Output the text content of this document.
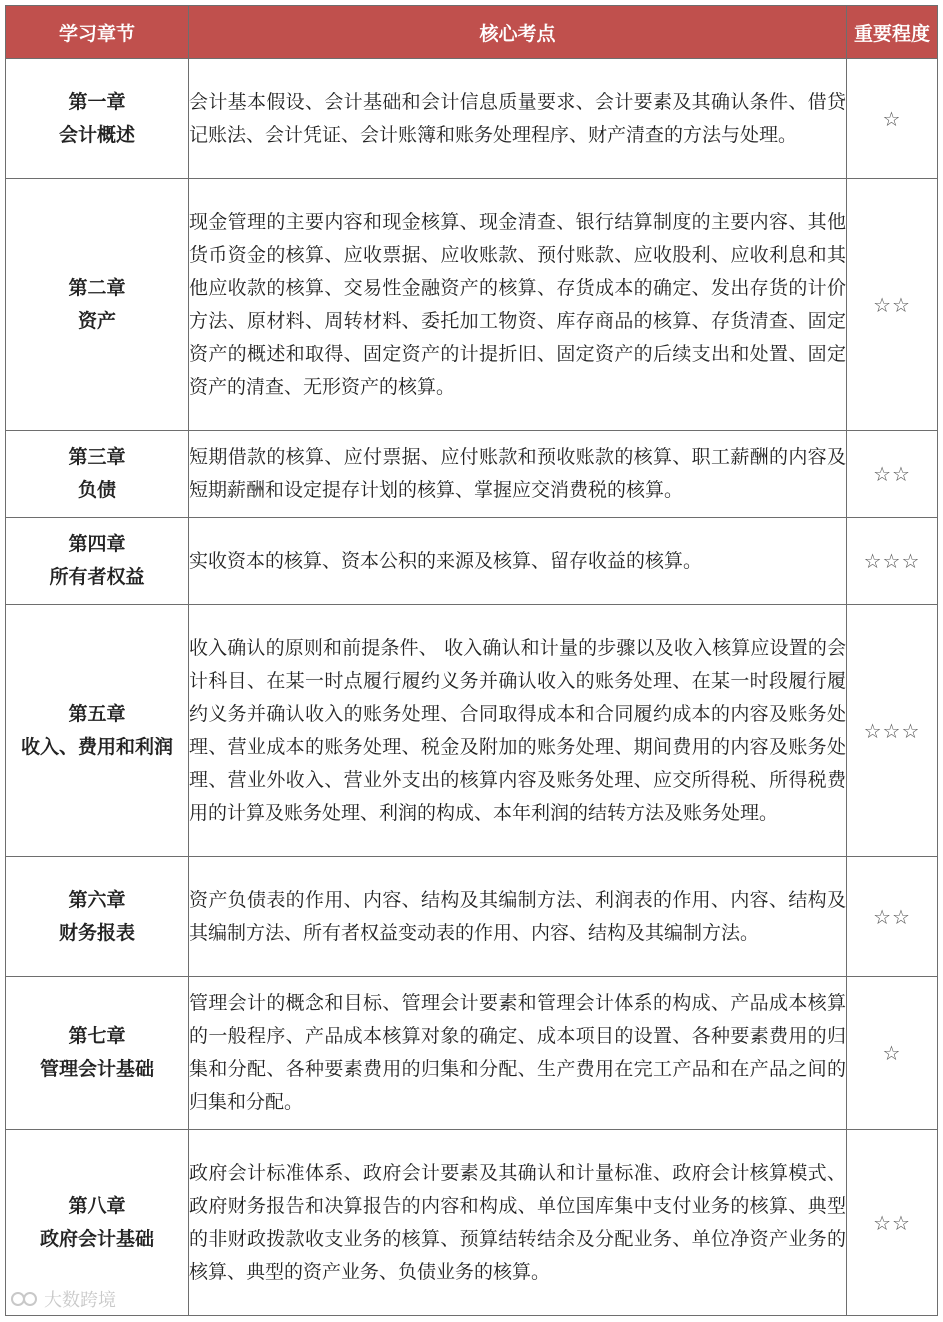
学习章节	核心考点	重要程度

第一章
会计概述	会计基本假设、会计基础和会计信息质量要求、会计要素及其确认条件、借贷记账法、会计凭证、会计账簿和账务处理程序、财产清查的方法与处理。	☆

第二章
资产	现金管理的主要内容和现金核算、现金清查、银行结算制度的主要内容、其他货币资金的核算、应收票据、应收账款、预付账款、应收股利、应收利息和其他应收款的核算、交易性金融资产的核算、存货成本的确定、发出存货的计价方法、原材料、周转材料、委托加工物资、库存商品的核算、存货清查、固定资产的概述和取得、固定资产的计提折旧、固定资产的后续支出和处置、固定资产的清查、无形资产的核算。	☆☆

第三章
负债	短期借款的核算、应付票据、应付账款和预收账款的核算、职工薪酬的内容及短期薪酬和设定提存计划的核算、掌握应交消费税的核算。	☆☆

第四章
所有者权益	实收资本的核算、资本公积的来源及核算、留存收益的核算。	☆☆☆

第五章
收入、费用和利润	收入确认的原则和前提条件、 收入确认和计量的步骤以及收入核算应设置的会计科目、在某一时点履行履约义务并确认收入的账务处理、在某一时段履行履约义务并确认收入的账务处理、合同取得成本和合同履约成本的内容及账务处理、营业成本的账务处理、税金及附加的账务处理、期间费用的内容及账务处理、营业外收入、营业外支出的核算内容及账务处理、应交所得税、所得税费用的计算及账务处理、利润的构成、本年利润的结转方法及账务处理。	☆☆☆

第六章
财务报表	资产负债表的作用、内容、结构及其编制方法、利润表的作用、内容、结构及其编制方法、所有者权益变动表的作用、内容、结构及其编制方法。	☆☆

第七章
管理会计基础	管理会计的概念和目标、管理会计要素和管理会计体系的构成、产品成本核算的一般程序、产品成本核算对象的确定、成本项目的设置、各种要素费用的归集和分配、各种要素费用的归集和分配、生产费用在完工产品和在产品之间的归集和分配。	☆

第八章
政府会计基础	政府会计标准体系、政府会计要素及其确认和计量标准、政府会计核算模式、政府财务报告和决算报告的内容和构成、单位国库集中支付业务的核算、典型的非财政拨款收支业务的核算、预算结转结余及分配业务、单位净资产业务的核算、典型的资产业务、负债业务的核算。	☆☆
大数跨境
